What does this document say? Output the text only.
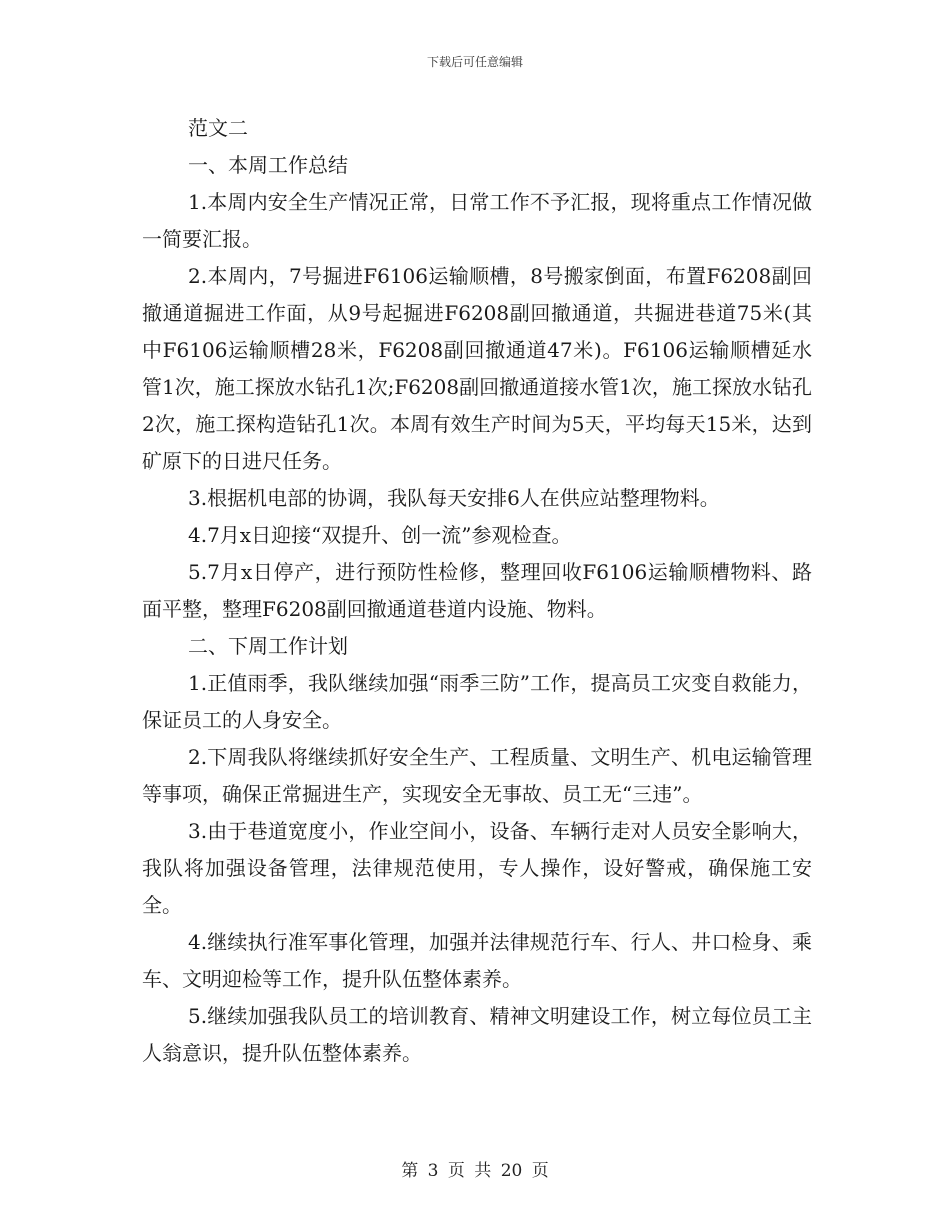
下载后可任意编辑

范文二

一、本周工作总结

1.本周内安全生产情况正常，日常工作不予汇报，现将重点工作情况做一简要汇报。

2.本周内，7号掘进F6106运输顺槽，8号搬家倒面，布置F6208副回撤通道掘进工作面，从9号起掘进F6208副回撤通道，共掘进巷道75米(其中F6106运输顺槽28米，F6208副回撤通道47米)。F6106运输顺槽延水管1次，施工探放水钻孔1次;F6208副回撤通道接水管1次，施工探放水钻孔2次，施工探构造钻孔1次。本周有效生产时间为5天，平均每天15米，达到矿原下的日进尺任务。

3.根据机电部的协调，我队每天安排6人在供应站整理物料。

4.7月x日迎接“双提升、创一流”参观检查。

5.7月x日停产，进行预防性检修，整理回收F6106运输顺槽物料、路面平整，整理F6208副回撤通道巷道内设施、物料。

二、下周工作计划

1.正值雨季，我队继续加强“雨季三防”工作，提高员工灾变自救能力，保证员工的人身安全。

2.下周我队将继续抓好安全生产、工程质量、文明生产、机电运输管理等事项，确保正常掘进生产，实现安全无事故、员工无“三违”。

3.由于巷道宽度小，作业空间小，设备、车辆行走对人员安全影响大，我队将加强设备管理，法律规范使用，专人操作，设好警戒，确保施工安全。

4.继续执行准军事化管理，加强并法律规范行车、行人、井口检身、乘车、文明迎检等工作，提升队伍整体素养。

5.继续加强我队员工的培训教育、精神文明建设工作，树立每位员工主人翁意识，提升队伍整体素养。

第 3 页 共 20 页
